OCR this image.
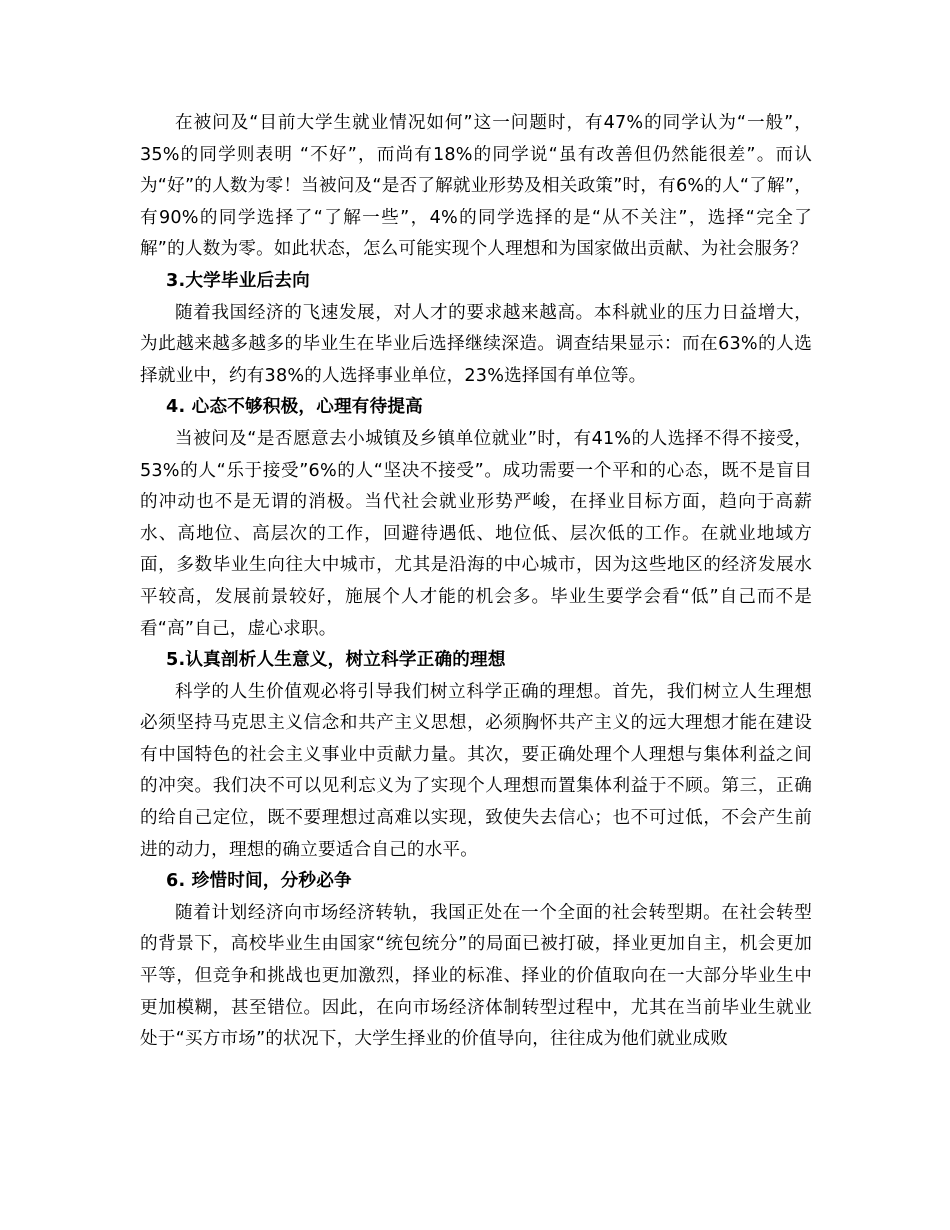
在被问及“目前大学生就业情况如何”这一问题时，有47%的同学认为“一般”，35%的同学则表明 “不好”，而尚有18%的同学说“虽有改善但仍然能很差”。而认为“好”的人数为零！当被问及“是否了解就业形势及相关政策”时，有6%的人“了解”，有90%的同学选择了“了解一些”，4%的同学选择的是“从不关注”，选择“完全了解”的人数为零。如此状态，怎么可能实现个人理想和为国家做出贡献、为社会服务？

3.大学毕业后去向

随着我国经济的飞速发展，对人才的要求越来越高。本科就业的压力日益增大，为此越来越多越多的毕业生在毕业后选择继续深造。调查结果显示：而在63%的人选择就业中，约有38%的人选择事业单位，23%选择国有单位等。

4. 心态不够积极，心理有待提高

当被问及“是否愿意去小城镇及乡镇单位就业”时，有41%的人选择不得不接受，53%的人“乐于接受”6%的人“坚决不接受”。成功需要一个平和的心态，既不是盲目的冲动也不是无谓的消极。当代社会就业形势严峻，在择业目标方面，趋向于高薪水、高地位、高层次的工作，回避待遇低、地位低、层次低的工作。在就业地域方面，多数毕业生向往大中城市，尤其是沿海的中心城市，因为这些地区的经济发展水平较高，发展前景较好，施展个人才能的机会多。毕业生要学会看“低”自己而不是看“高”自己，虚心求职。

5.认真剖析人生意义，树立科学正确的理想

科学的人生价值观必将引导我们树立科学正确的理想。首先，我们树立人生理想必须坚持马克思主义信念和共产主义思想，必须胸怀共产主义的远大理想才能在建设有中国特色的社会主义事业中贡献力量。其次，要正确处理个人理想与集体利益之间的冲突。我们决不可以见利忘义为了实现个人理想而置集体利益于不顾。第三，正确的给自己定位，既不要理想过高难以实现，致使失去信心；也不可过低，不会产生前进的动力，理想的确立要适合自己的水平。

6. 珍惜时间，分秒必争

随着计划经济向市场经济转轨，我国正处在一个全面的社会转型期。在社会转型的背景下，高校毕业生由国家“统包统分”的局面已被打破，择业更加自主，机会更加平等，但竞争和挑战也更加激烈，择业的标准、择业的价值取向在一大部分毕业生中更加模糊，甚至错位。因此，在向市场经济体制转型过程中，尤其在当前毕业生就业处于“买方市场”的状况下，大学生择业的价值导向，往往成为他们就业成败
